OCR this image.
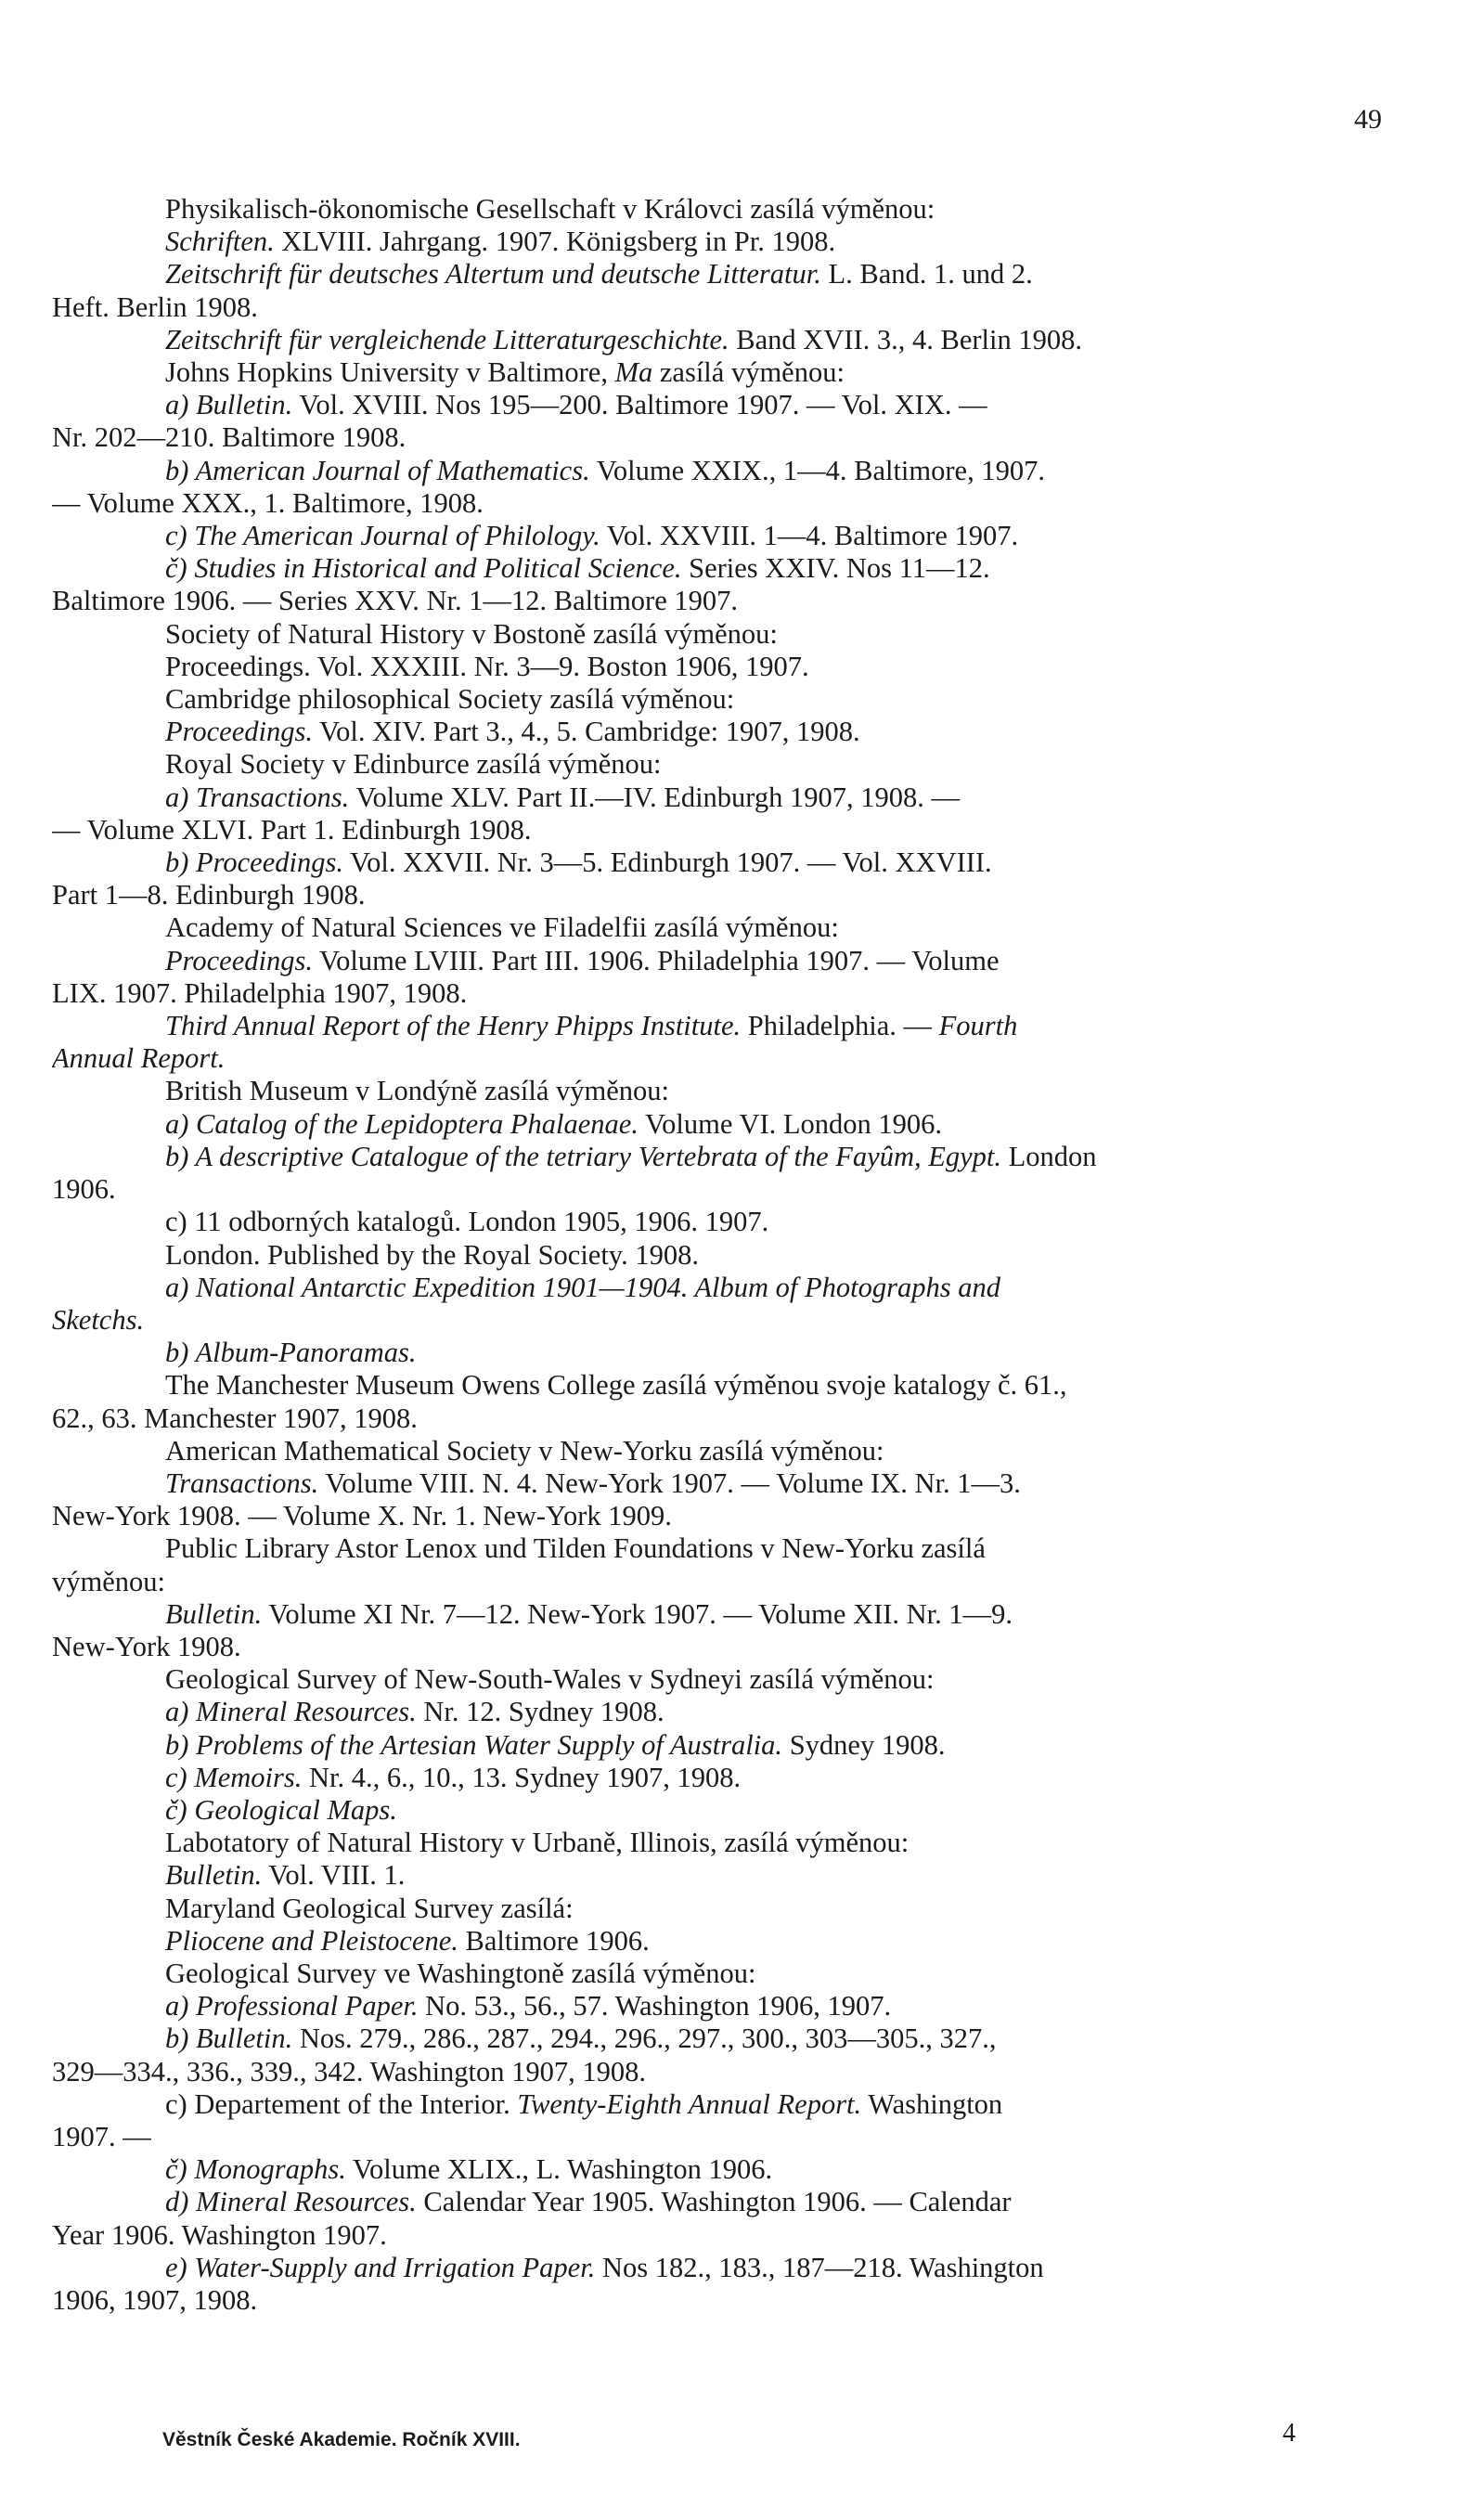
49
Physikalisch-ökonomische Gesellschaft v Královci zasílá výměnou:
Schriften. XLVIII. Jahrgang. 1907. Königsberg in Pr. 1908.
Zeitschrift für deutsches Altertum und deutsche Litteratur. L. Band. 1. und 2.
Heft. Berlin 1908.
Zeitschrift für vergleichende Litteraturgeschichte. Band XVII. 3., 4. Berlin 1908.
Johns Hopkins University v Baltimore, Ma zasílá výměnou:
a) Bulletin. Vol. XVIII. Nos 195—200. Baltimore 1907. — Vol. XIX. —
Nr. 202—210. Baltimore 1908.
b) American Journal of Mathematics. Volume XXIX., 1—4. Baltimore, 1907.
— Volume XXX., 1. Baltimore, 1908.
c) The American Journal of Philology. Vol. XXVIII. 1—4. Baltimore 1907.
č) Studies in Historical and Political Science. Series XXIV. Nos 11—12.
Baltimore 1906. — Series XXV. Nr. 1—12. Baltimore 1907.
Society of Natural History v Bostoně zasílá výměnou:
Proceedings. Vol. XXXIII. Nr. 3—9. Boston 1906, 1907.
Cambridge philosophical Society zasílá výměnou:
Proceedings. Vol. XIV. Part 3., 4., 5. Cambridge: 1907, 1908.
Royal Society v Edinburce zasílá výměnou:
a) Transactions. Volume XLV. Part II.—IV. Edinburgh 1907, 1908. —
— Volume XLVI. Part 1. Edinburgh 1908.
b) Proceedings. Vol. XXVII. Nr. 3—5. Edinburgh 1907. — Vol. XXVIII.
Part 1—8. Edinburgh 1908.
Academy of Natural Sciences ve Filadelfii zasílá výměnou:
Proceedings. Volume LVIII. Part III. 1906. Philadelphia 1907. — Volume
LIX. 1907. Philadelphia 1907, 1908.
Third Annual Report of the Henry Phipps Institute. Philadelphia. — Fourth
Annual Report.
British Museum v Londýně zasílá výměnou:
a) Catalog of the Lepidoptera Phalaenae. Volume VI. London 1906.
b) A descriptive Catalogue of the tetriary Vertebrata of the Fayûm, Egypt. London
1906.
c) 11 odborných katalogů. London 1905, 1906. 1907.
London. Published by the Royal Society. 1908.
a) National Antarctic Expedition 1901—1904. Album of Photographs and
Sketchs.
b) Album-Panoramas.
The Manchester Museum Owens College zasílá výměnou svoje katalogy č. 61.,
62., 63. Manchester 1907, 1908.
American Mathematical Society v New-Yorku zasílá výměnou:
Transactions. Volume VIII. N. 4. New-York 1907. — Volume IX. Nr. 1—3.
New-York 1908. — Volume X. Nr. 1. New-York 1909.
Public Library Astor Lenox und Tilden Foundations v New-Yorku zasílá
výměnou:
Bulletin. Volume XI Nr. 7—12. New-York 1907. — Volume XII. Nr. 1—9.
New-York 1908.
Geological Survey of New-South-Wales v Sydneyi zasílá výměnou:
a) Mineral Resources. Nr. 12. Sydney 1908.
b) Problems of the Artesian Water Supply of Australia. Sydney 1908.
c) Memoirs. Nr. 4., 6., 10., 13. Sydney 1907, 1908.
č) Geological Maps.
Labotatory of Natural History v Urbaně, Illinois, zasílá výměnou:
Bulletin. Vol. VIII. 1.
Maryland Geological Survey zasílá:
Pliocene and Pleistocene. Baltimore 1906.
Geological Survey ve Washingtoně zasílá výměnou:
a) Professional Paper. No. 53., 56., 57. Washington 1906, 1907.
b) Bulletin. Nos. 279., 286., 287., 294., 296., 297., 300., 303—305., 327.,
329—334., 336., 339., 342. Washington 1907, 1908.
c) Departement of the Interior. Twenty-Eighth Annual Report. Washington
1907. —
č) Monographs. Volume XLIX., L. Washington 1906.
d) Mineral Resources. Calendar Year 1905. Washington 1906. — Calendar
Year 1906. Washington 1907.
e) Water-Supply and Irrigation Paper. Nos 182., 183., 187—218. Washington
1906, 1907, 1908.
Věstník České Akademie. Ročník XVIII.	4
